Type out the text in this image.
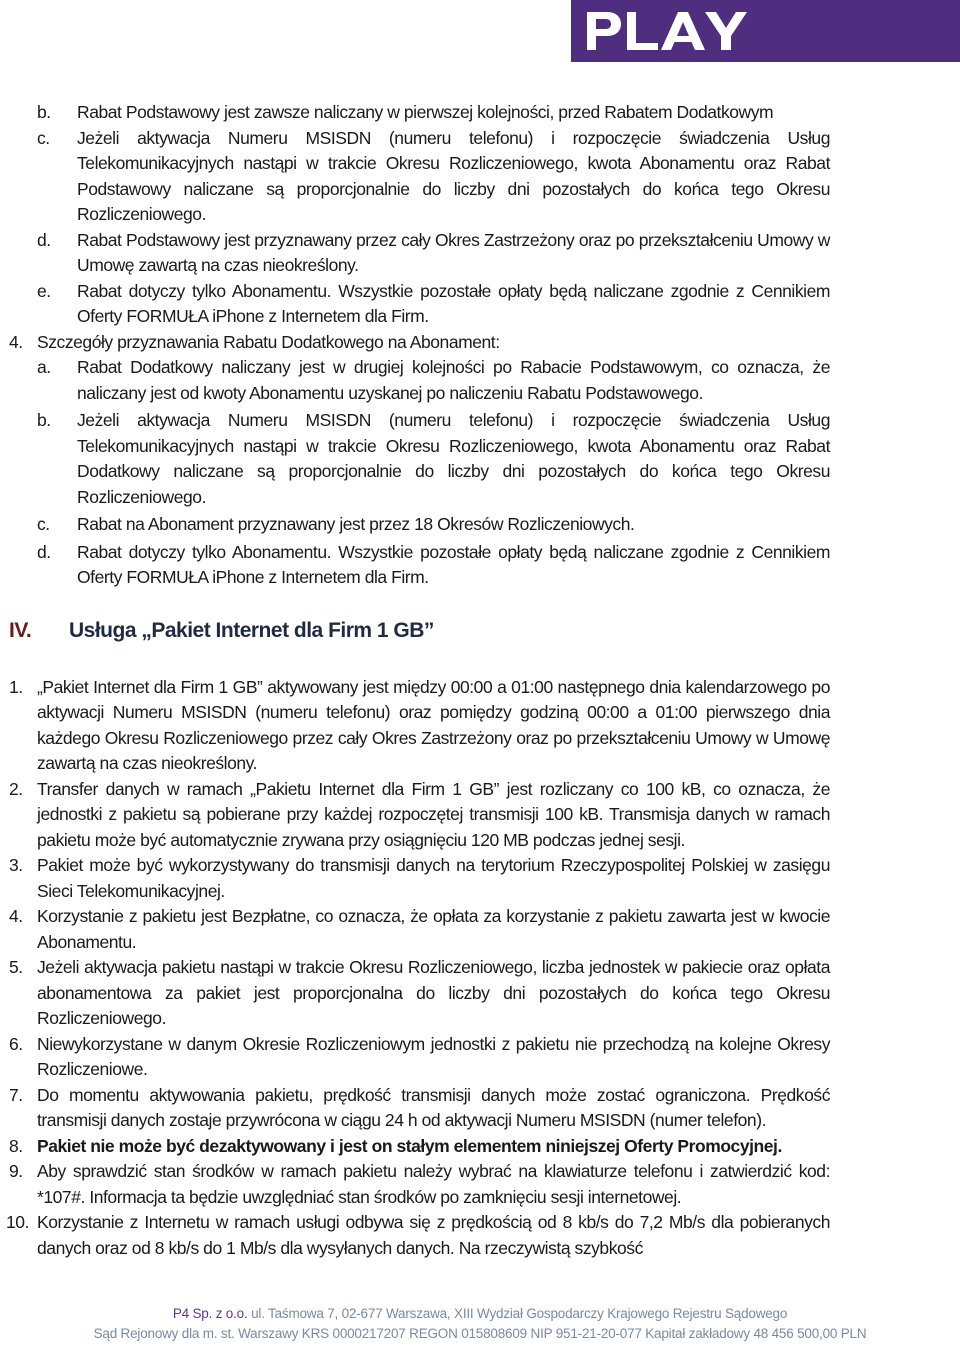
b. Rabat Podstawowy jest zawsze naliczany w pierwszej kolejności, przed Rabatem Dodatkowym
c. Jeżeli aktywacja Numeru MSISDN (numeru telefonu) i rozpoczęcie świadczenia Usług Telekomunikacyjnych nastąpi w trakcie Okresu Rozliczeniowego, kwota Abonamentu oraz Rabat Podstawowy naliczane są proporcjonalnie do liczby dni pozostałych do końca tego Okresu Rozliczeniowego.
d. Rabat Podstawowy jest przyznawany przez cały Okres Zastrzeżony oraz po przekształceniu Umowy w Umowę zawartą na czas nieokreślony.
e. Rabat dotyczy tylko Abonamentu. Wszystkie pozostałe opłaty będą naliczane zgodnie z Cennikiem Oferty FORMUŁA iPhone z Internetem dla Firm.
4. Szczegóły przyznawania Rabatu Dodatkowego na Abonament:
a. Rabat Dodatkowy naliczany jest w drugiej kolejności po Rabacie Podstawowym, co oznacza, że naliczany jest od kwoty Abonamentu uzyskanej po naliczeniu Rabatu Podstawowego.
b. Jeżeli aktywacja Numeru MSISDN (numeru telefonu) i rozpoczęcie świadczenia Usług Telekomunikacyjnych nastąpi w trakcie Okresu Rozliczeniowego, kwota Abonamentu oraz Rabat Dodatkowy naliczane są proporcjonalnie do liczby dni pozostałych do końca tego Okresu Rozliczeniowego.
c. Rabat na Abonament przyznawany jest przez 18 Okresów Rozliczeniowych.
d. Rabat dotyczy tylko Abonamentu. Wszystkie pozostałe opłaty będą naliczane zgodnie z Cennikiem Oferty FORMUŁA iPhone z Internetem dla Firm.
IV. Usługa „Pakiet Internet dla Firm 1 GB”
1. „Pakiet Internet dla Firm 1 GB” aktywowany jest między 00:00 a 01:00 następnego dnia kalendarzowego po aktywacji Numeru MSISDN (numeru telefonu) oraz pomiędzy godziną 00:00 a 01:00 pierwszego dnia każdego Okresu Rozliczeniowego przez cały Okres Zastrzeżony oraz po przekształceniu Umowy w Umowę zawartą na czas nieokreślony.
2. Transfer danych w ramach „Pakietu Internet dla Firm 1 GB” jest rozliczany co 100 kB, co oznacza, że jednostki z pakietu są pobierane przy każdej rozpoczętej transmisji 100 kB. Transmisja danych w ramach pakietu może być automatycznie zrywana przy osiągnięciu 120 MB podczas jednej sesji.
3. Pakiet może być wykorzystywany do transmisji danych na terytorium Rzeczypospolitej Polskiej w zasięgu Sieci Telekomunikacyjnej.
4. Korzystanie z pakietu jest Bezpłatne, co oznacza, że opłata za korzystanie z pakietu zawarta jest w kwocie Abonamentu.
5. Jeżeli aktywacja pakietu nastąpi w trakcie Okresu Rozliczeniowego, liczba jednostek w pakiecie oraz opłata abonamentowa za pakiet jest proporcjonalna do liczby dni pozostałych do końca tego Okresu Rozliczeniowego.
6. Niewykorzystane w danym Okresie Rozliczeniowym jednostki z pakietu nie przechodzą na kolejne Okresy Rozliczeniowe.
7. Do momentu aktywowania pakietu, prędkość transmisji danych może zostać ograniczona. Prędkość transmisji danych zostaje przywrócona w ciągu 24 h od aktywacji Numeru MSISDN (numer telefon).
8. Pakiet nie może być dezaktywowany i jest on stałym elementem niniejszej Oferty Promocyjnej.
9. Aby sprawdzić stan środków w ramach pakietu należy wybrać na klawiaturze telefonu i zatwierdzić kod: *107#. Informacja ta będzie uwzględniać stan środków po zamknięciu sesji internetowej.
10. Korzystanie z Internetu w ramach usługi odbywa się z prędkością od 8 kb/s do 7,2 Mb/s dla pobieranych danych oraz od 8 kb/s do 1 Mb/s dla wysyłanych danych. Na rzeczywistą szybkość
P4 Sp. z o.o. ul. Taśmowa 7, 02-677 Warszawa, XIII Wydział Gospodarczy Krajowego Rejestru Sądowego
Sąd Rejonowy dla m. st. Warszawy KRS 0000217207 REGON 015808609 NIP 951-21-20-077 Kapitał zakładowy 48 456 500,00 PLN
